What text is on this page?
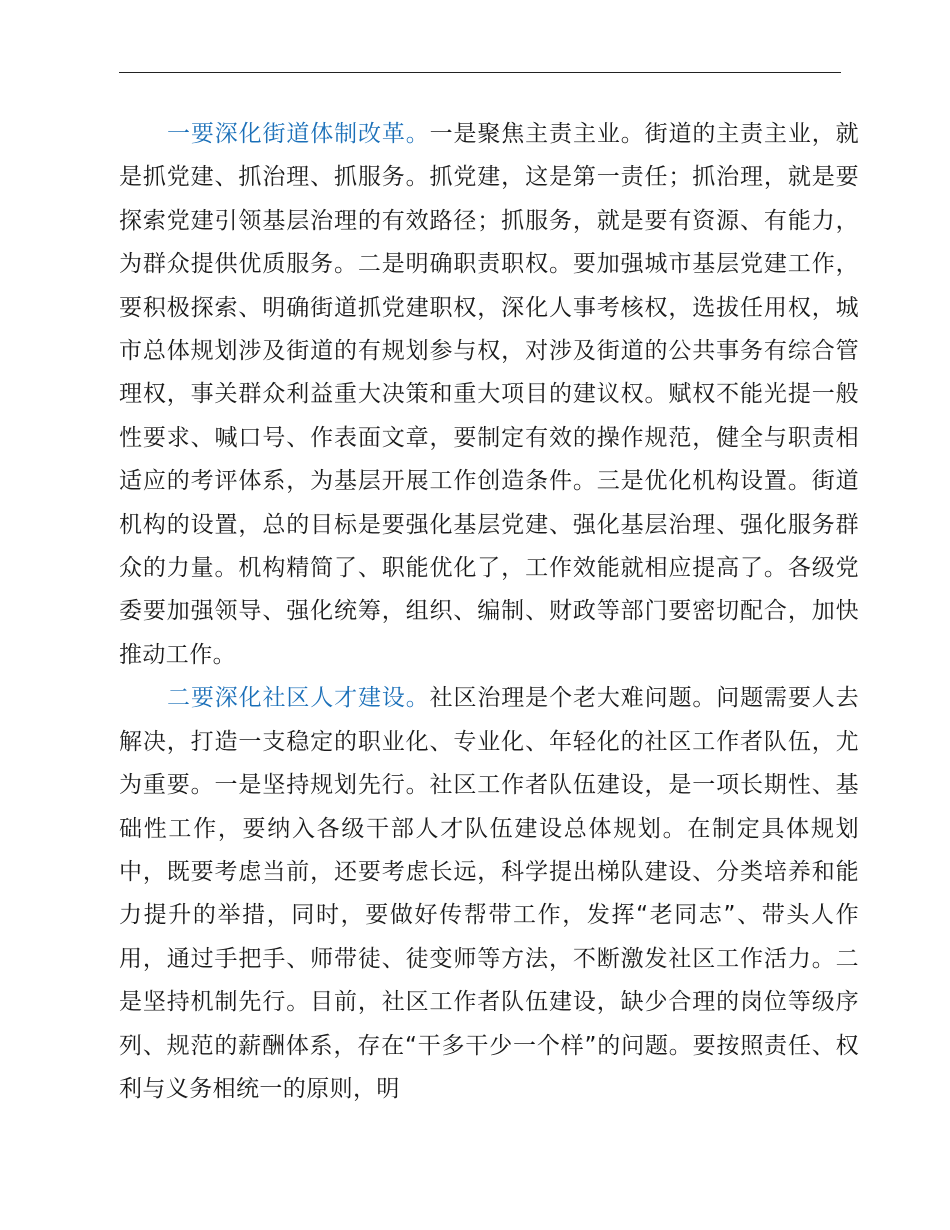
一要深化街道体制改革。一是聚焦主责主业。街道的主责主业，就是抓党建、抓治理、抓服务。抓党建，这是第一责任；抓治理，就是要探索党建引领基层治理的有效路径；抓服务，就是要有资源、有能力，为群众提供优质服务。二是明确职责职权。要加强城市基层党建工作，要积极探索、明确街道抓党建职权，深化人事考核权，选拔任用权，城市总体规划涉及街道的有规划参与权，对涉及街道的公共事务有综合管理权，事关群众利益重大决策和重大项目的建议权。赋权不能光提一般性要求、喊口号、作表面文章，要制定有效的操作规范，健全与职责相适应的考评体系，为基层开展工作创造条件。三是优化机构设置。街道机构的设置，总的目标是要强化基层党建、强化基层治理、强化服务群众的力量。机构精简了、职能优化了，工作效能就相应提高了。各级党委要加强领导、强化统筹，组织、编制、财政等部门要密切配合，加快推动工作。

二要深化社区人才建设。社区治理是个老大难问题。问题需要人去解决，打造一支稳定的职业化、专业化、年轻化的社区工作者队伍，尤为重要。一是坚持规划先行。社区工作者队伍建设，是一项长期性、基础性工作，要纳入各级干部人才队伍建设总体规划。在制定具体规划中，既要考虑当前，还要考虑长远，科学提出梯队建设、分类培养和能力提升的举措，同时，要做好传帮带工作，发挥“老同志”、带头人作用，通过手把手、师带徒、徒变师等方法，不断激发社区工作活力。二是坚持机制先行。目前，社区工作者队伍建设，缺少合理的岗位等级序列、规范的薪酬体系，存在“干多干少一个样”的问题。要按照责任、权利与义务相统一的原则，明
